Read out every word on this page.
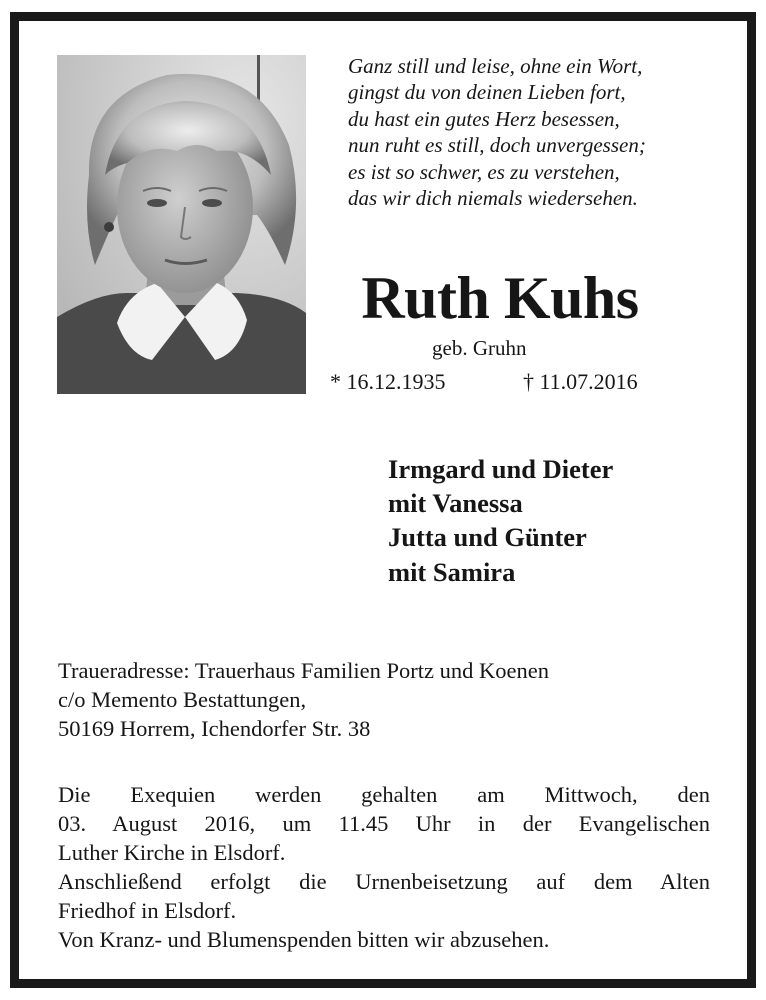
Ganz still und leise, ohne ein Wort,
gingst du von deinen Lieben fort,
du hast ein gutes Herz besessen,
nun ruht es still, doch unvergessen;
es ist so schwer, es zu verstehen,
das wir dich niemals wiedersehen.
Ruth Kuhs
geb. Gruhn
* 16.12.1935	† 11.07.2016
Irmgard und Dieter
mit Vanessa
Jutta und Günter
mit Samira
Traueradresse: Trauerhaus Familien Portz und Koenen
c/o Memento Bestattungen,
50169 Horrem, Ichendorfer Str. 38
Die Exequien werden gehalten am Mittwoch, den
03. August 2016, um 11.45 Uhr in der Evangelischen
Luther Kirche in Elsdorf.
Anschließend erfolgt die Urnenbeisetzung auf dem Alten
Friedhof in Elsdorf.
Von Kranz- und Blumenspenden bitten wir abzusehen.
